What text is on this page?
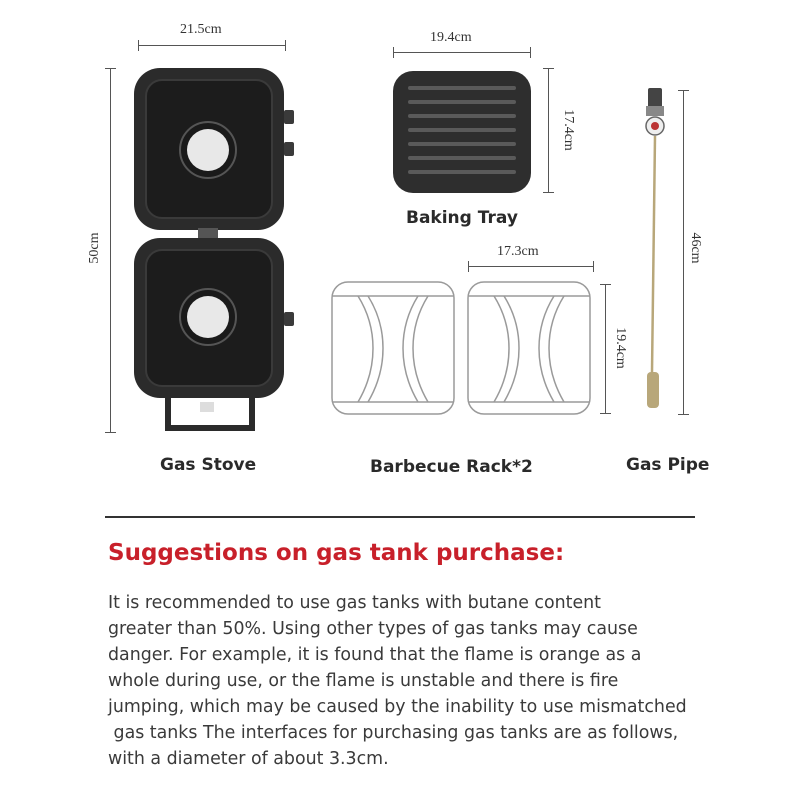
21.5cm
50cm
Gas Stove
19.4cm
17.4cm
Baking Tray
17.3cm
19.4cm
Barbecue Rack*2
46cm
Gas Pipe
Suggestions on gas tank purchase:
It is recommended to use gas tanks with butane content
greater than 50%. Using other types of gas tanks may cause
danger. For example, it is found that the flame is orange as a
whole during use, or the flame is unstable and there is fire
jumping, which may be caused by the inability to use mismatched
gas tanks The interfaces for purchasing gas tanks are as follows,
with a diameter of about 3.3cm.
